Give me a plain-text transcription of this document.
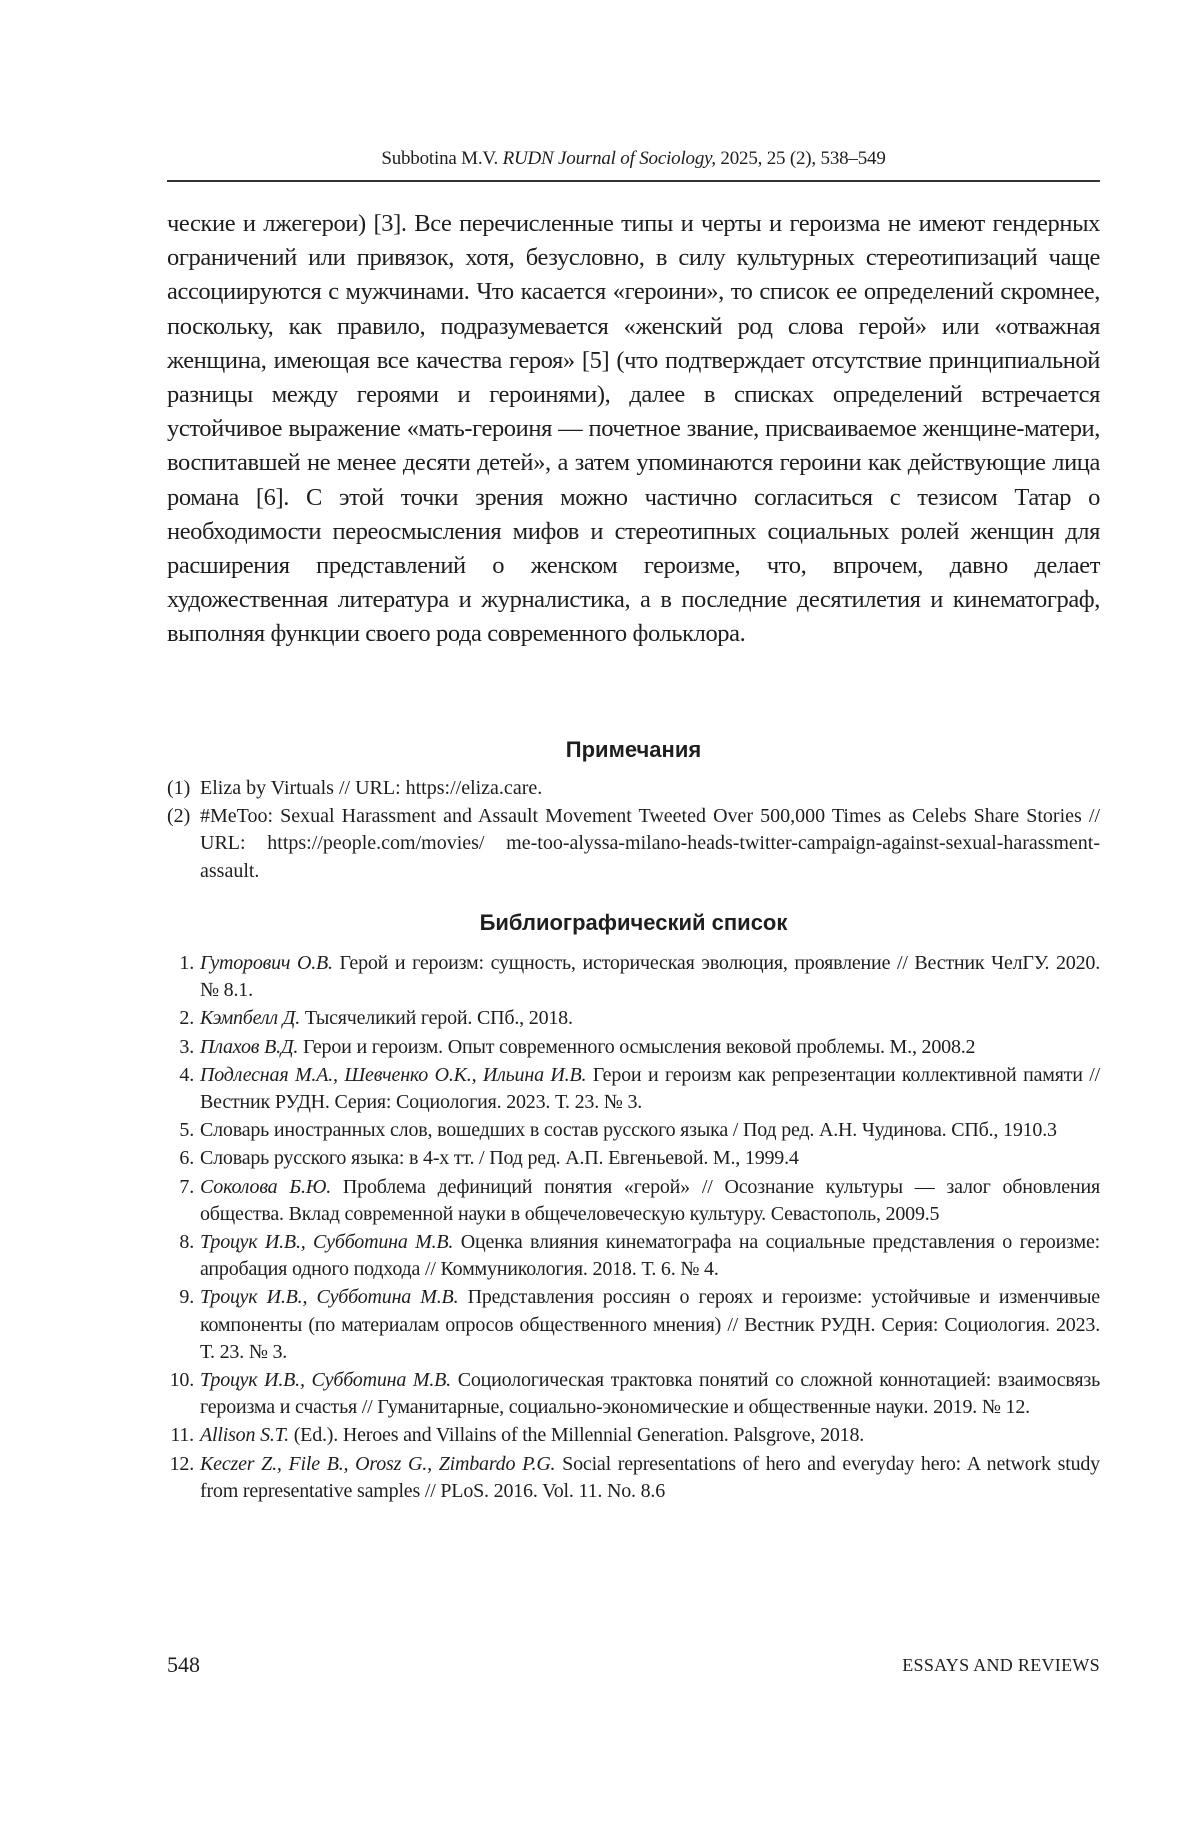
Subbotina M.V. RUDN Journal of Sociology, 2025, 25 (2), 538–549
ческие и лжегерои) [3]. Все перечисленные типы и черты и героизма не имеют гендерных ограничений или привязок, хотя, безусловно, в силу культурных стереотипизаций чаще ассоциируются с мужчинами. Что касается «героини», то список ее определений скромнее, поскольку, как правило, подразумевается «женский род слова герой» или «отважная женщина, имеющая все качества героя» [5] (что подтверждает отсутствие принципиальной разницы между героями и героинями), далее в списках определений встречается устойчивое выражение «мать-героиня — почетное звание, присваиваемое женщине-матери, воспитавшей не менее десяти детей», а затем упоминаются героини как действующие лица романа [6]. С этой точки зрения можно частично согласиться с тезисом Татар о необходимости переосмысления мифов и стереотипных социальных ролей женщин для расширения представлений о женском героизме, что, впрочем, давно делает художественная литература и журналистика, а в последние десятилетия и кинематограф, выполняя функции своего рода современного фольклора.
Примечания
(1) Eliza by Virtuals // URL: https://eliza.care.
(2) #MeToo: Sexual Harassment and Assault Movement Tweeted Over 500,000 Times as Celebs Share Stories // URL: https://people.com/movies/ me-too-alyssa-milano-heads-twitter-campaign-against-sexual-harassment-assault.
Библиографический список
1. Гуторович О.В. Герой и героизм: сущность, историческая эволюция, проявление // Вестник ЧелГУ. 2020. № 8.1.
2. Кэмпбелл Д. Тысячеликий герой. СПб., 2018.
3. Плахов В.Д. Герои и героизм. Опыт современного осмысления вековой проблемы. М., 2008.2
4. Подлесная М.А., Шевченко О.К., Ильина И.В. Герои и героизм как репрезентации коллективной памяти // Вестник РУДН. Серия: Социология. 2023. Т. 23. № 3.
5. Словарь иностранных слов, вошедших в состав русского языка / Под ред. А.Н. Чудинова. СПб., 1910.3
6. Словарь русского языка: в 4-х тт. / Под ред. А.П. Евгеньевой. М., 1999.4
7. Соколова Б.Ю. Проблема дефиниций понятия «герой» // Осознание культуры — залог обновления общества. Вклад современной науки в общечеловеческую культуру. Севастополь, 2009.5
8. Троцук И.В., Субботина М.В. Оценка влияния кинематографа на социальные представления о героизме: апробация одного подхода // Коммуникология. 2018. Т. 6. № 4.
9. Троцук И.В., Субботина М.В. Представления россиян о героях и героизме: устойчивые и изменчивые компоненты (по материалам опросов общественного мнения) // Вестник РУДН. Серия: Социология. 2023. Т. 23. № 3.
10. Троцук И.В., Субботина М.В. Социологическая трактовка понятий со сложной коннотацией: взаимосвязь героизма и счастья // Гуманитарные, социально-экономические и общественные науки. 2019. № 12.
11. Allison S.T. (Ed.). Heroes and Villains of the Millennial Generation. Palsgrove, 2018.
12. Keczer Z., File B., Orosz G., Zimbardo P.G. Social representations of hero and everyday hero: A network study from representative samples // PLoS. 2016. Vol. 11. No. 8.6
548	ESSAYS AND REVIEWS
